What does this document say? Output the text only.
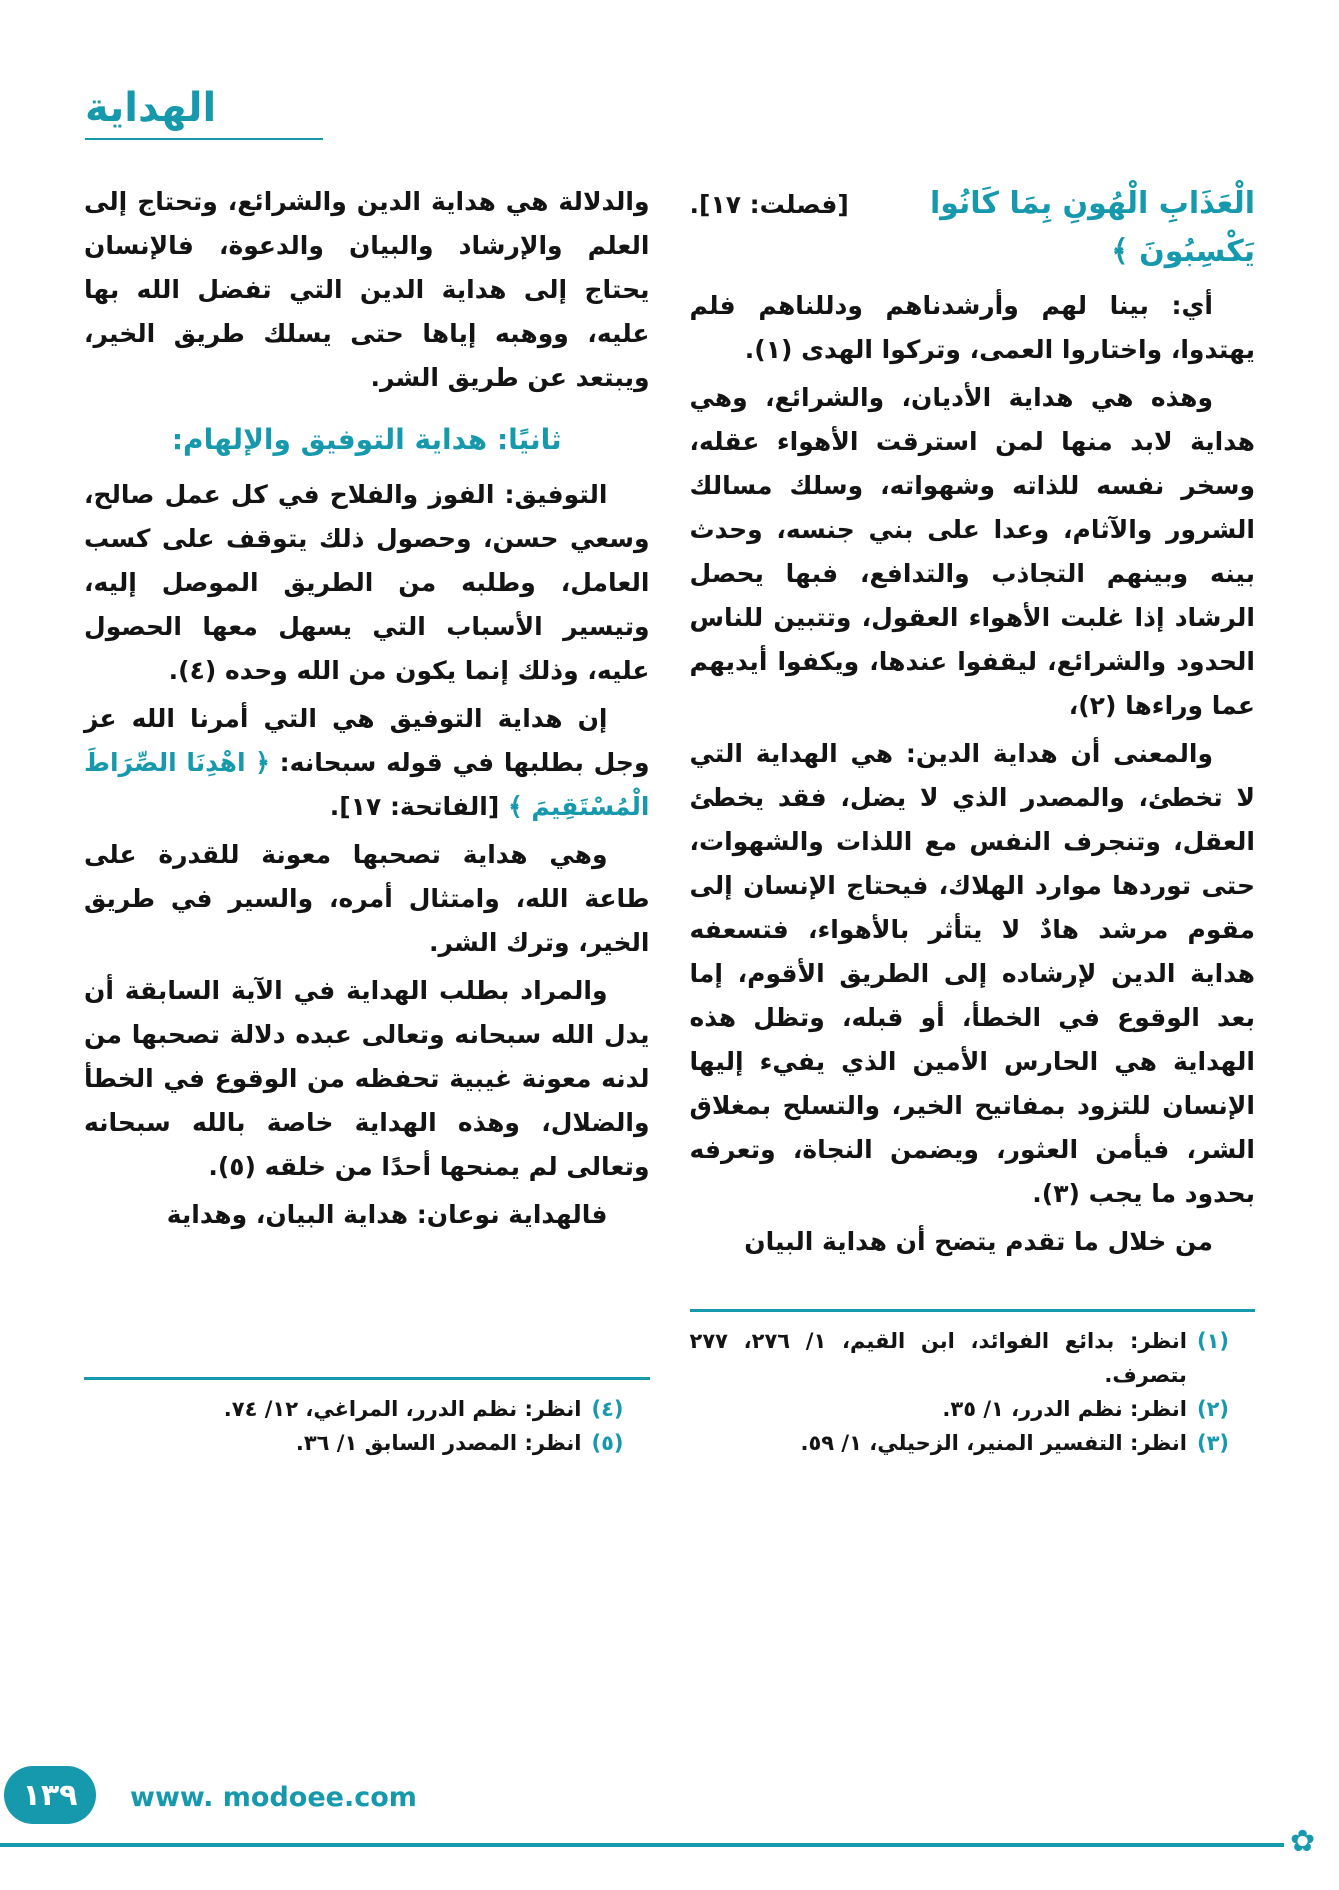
الهداية
الْعَذَابِ الْهُونِ بِمَا كَانُوا يَكْسِبُونَ ﴾
[فصلت: ١٧].

أي: بينا لهم وأرشدناهم ودللناهم فلم يهتدوا، واختاروا العمى، وتركوا الهدى (١).

وهذه هي هداية الأديان، والشرائع، وهي هداية لابد منها لمن استرقت الأهواء عقله، وسخر نفسه للذاته وشهواته، وسلك مسالك الشرور والآثام، وعدا على بني جنسه، وحدث بينه وبينهم التجاذب والتدافع، فبها يحصل الرشاد إذا غلبت الأهواء العقول، وتتبين للناس الحدود والشرائع، ليقفوا عندها، ويكفوا أيديهم عما وراءها (٢)،

والمعنى أن هداية الدين: هي الهداية التي لا تخطئ، والمصدر الذي لا يضل، فقد يخطئ العقل، وتنجرف النفس مع اللذات والشهوات، حتى توردها موارد الهلاك، فيحتاج الإنسان إلى مقوم مرشد هادٌ لا يتأثر بالأهواء، فتسعفه هداية الدين لإرشاده إلى الطريق الأقوم، إما بعد الوقوع في الخطأ، أو قبله، وتظل هذه الهداية هي الحارس الأمين الذي يفيء إليها الإنسان للتزود بمفاتيح الخير، والتسلح بمغلاق الشر، فيأمن العثور، ويضمن النجاة، وتعرفه بحدود ما يجب (٣).

من خلال ما تقدم يتضح أن هداية البيان

(١)
انظر: بدائع الفوائد، ابن القيم، ١/ ٢٧٦، ٢٧٧ بتصرف.
(٢)
انظر: نظم الدرر، ١/ ٣٥.
(٣)
انظر: التفسير المنير، الزحيلي، ١/ ٥٩.

والدلالة هي هداية الدين والشرائع، وتحتاج إلى العلم والإرشاد والبيان والدعوة، فالإنسان يحتاج إلى هداية الدين التي تفضل الله بها عليه، ووهبه إياها حتى يسلك طريق الخير، ويبتعد عن طريق الشر.

ثانيًا: هداية التوفيق والإلهام:

التوفيق: الفوز والفلاح في كل عمل صالح، وسعي حسن، وحصول ذلك يتوقف على كسب العامل، وطلبه من الطريق الموصل إليه، وتيسير الأسباب التي يسهل معها الحصول عليه، وذلك إنما يكون من الله وحده (٤).

إن هداية التوفيق هي التي أمرنا الله عز وجل بطلبها في قوله سبحانه: ﴿ اهْدِنَا الصِّرَاطَ الْمُسْتَقِيمَ ﴾ [الفاتحة: ١٧].

وهي هداية تصحبها معونة للقدرة على طاعة الله، وامتثال أمره، والسير في طريق الخير، وترك الشر.

والمراد بطلب الهداية في الآية السابقة أن يدل الله سبحانه وتعالى عبده دلالة تصحبها من لدنه معونة غيبية تحفظه من الوقوع في الخطأ والضلال، وهذه الهداية خاصة بالله سبحانه وتعالى لم يمنحها أحدًا من خلقه (٥).

فالهداية نوعان: هداية البيان، وهداية

(٤)
انظر: نظم الدرر، المراغي، ١٢/ ٧٤.
(٥)
انظر: المصدر السابق ١/ ٣٦.
١٣٩ www. modoee.com
✿
